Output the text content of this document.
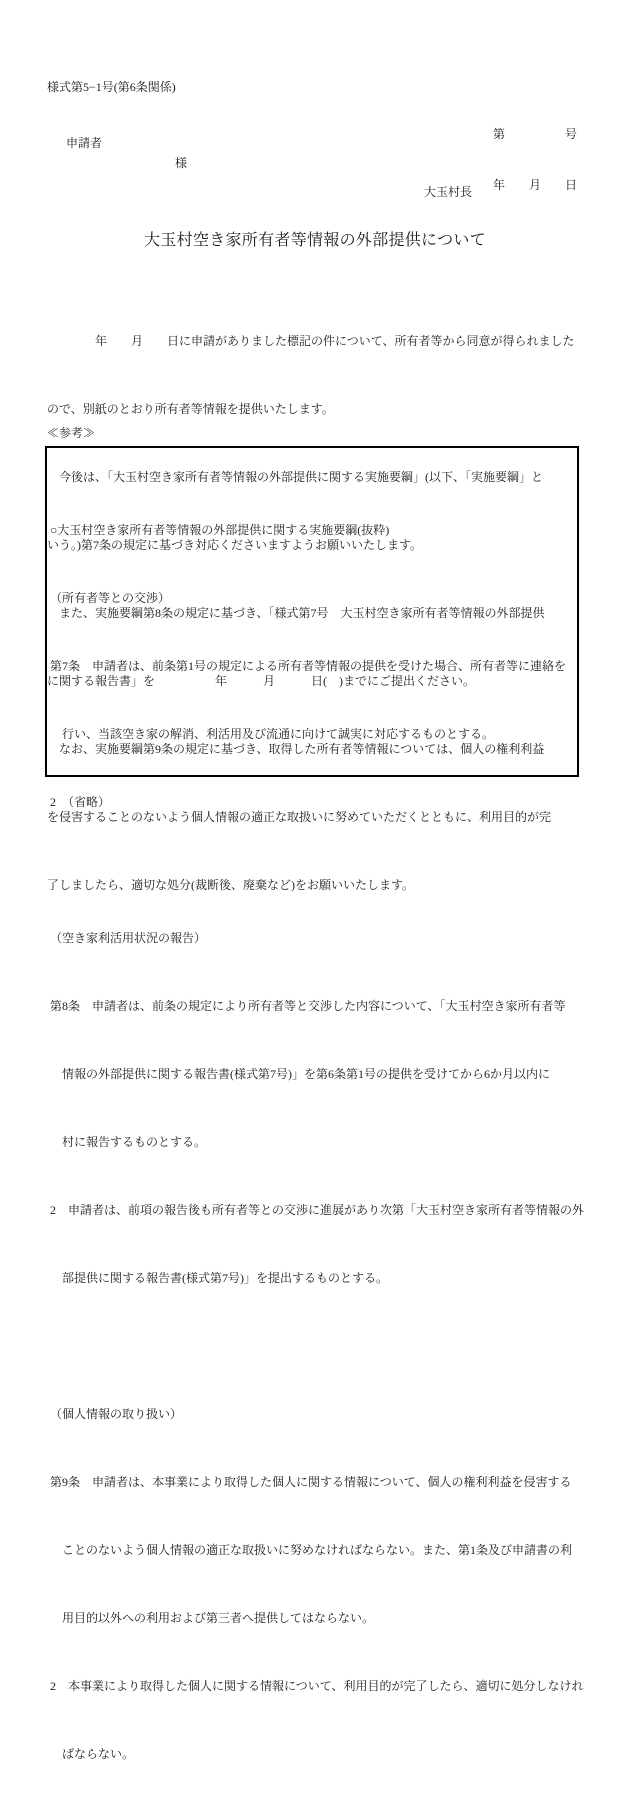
様式第5−1号(第6条関係)

第　　　　　号

年　　月　　日

申請者
様
大玉村長
大玉村空き家所有者等情報の外部提供について

　　　　年　　月　　日に申請がありました標記の件について、所有者等から同意が得られました

ので、別紙のとおり所有者等情報を提供いたします。

　今後は、「大玉村空き家所有者等情報の外部提供に関する実施要綱」(以下、「実施要綱」と

いう。)第7条の規定に基づき対応くださいますようお願いいたします。

　また、実施要綱第8条の規定に基づき、「様式第7号　大玉村空き家所有者等情報の外部提供

に関する報告書」を　　　　　年　　　月　　　日(　)までにご提出ください。

　なお、実施要綱第9条の規定に基づき、取得した所有者等情報については、個人の権利利益

を侵害することのないよう個人情報の適正な取扱いに努めていただくとともに、利用目的が完

了しましたら、適切な処分(裁断後、廃棄など)をお願いいたします。

≪参考≫

○大玉村空き家所有者等情報の外部提供に関する実施要綱(抜粋)

（所有者等との交渉）

第7条　申請者は、前条第1号の規定による所有者等情報の提供を受けた場合、所有者等に連絡を

　行い、当該空き家の解消、利活用及び流通に向けて誠実に対応するものとする。

2　（省略）

（空き家利活用状況の報告）

第8条　申請者は、前条の規定により所有者等と交渉した内容について、「大玉村空き家所有者等

　情報の外部提供に関する報告書(様式第7号)」を第6条第1号の提供を受けてから6か月以内に

　村に報告するものとする。

2　申請者は、前項の報告後も所有者等との交渉に進展があり次第「大玉村空き家所有者等情報の外

　部提供に関する報告書(様式第7号)」を提出するものとする。

（個人情報の取り扱い）

第9条　申請者は、本事業により取得した個人に関する情報について、個人の権利利益を侵害する

　ことのないよう個人情報の適正な取扱いに努めなければならない。また、第1条及び申請書の利

　用目的以外への利用および第三者へ提供してはならない。

2　本事業により取得した個人に関する情報について、利用目的が完了したら、適切に処分しなけれ

　ばならない。
